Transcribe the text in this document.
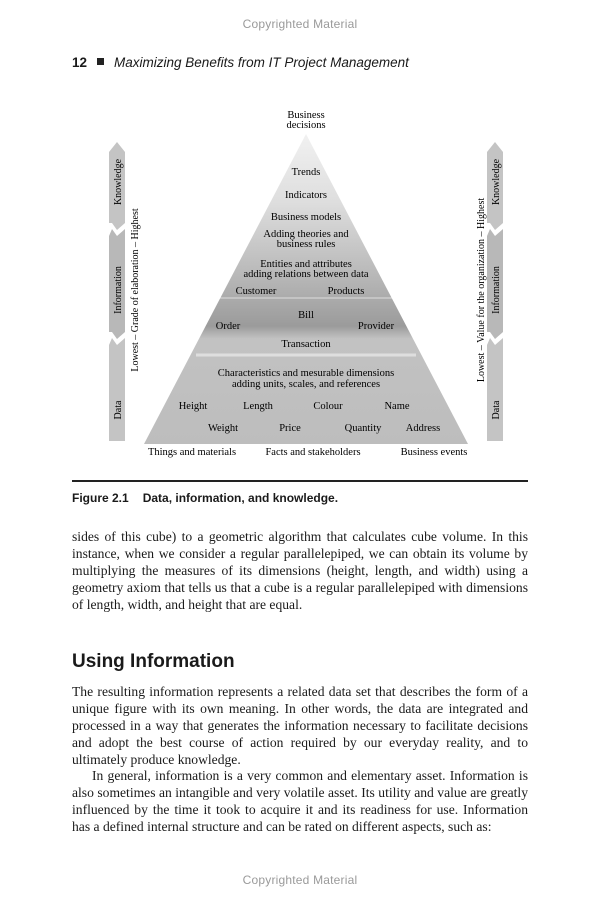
Copyrighted Material
12 Maximizing Benefits from IT Project Management
Business
decisions
Trends
Indicators
Business models
Adding theories and
business rules
Entities and attributes
adding relations between data
Customer	Products
Bill
Order	Provider
Transaction
Characteristics and mesurable dimensions
adding units, scales, and references
Height	Length	Colour	Name
Weight	Price	Quantity Address
Things and materials	Facts and stakeholders	Business events
Data
Information
Knowledge
Lowest – Grade of elaboration – Highest
Data
Information
Knowledge
Lowest – Value for the organization – Highest
Figure 2.1 Data, information, and knowledge.

sides of this cube) to a geometric algorithm that calculates cube volume. In this instance, when we consider a regular parallelepiped, we can obtain its volume by multiplying the measures of its dimensions (height, length, and width) using a geometry axiom that tells us that a cube is a regular parallelepiped with dimensions of length, width, and height that are equal.

Using Information

The resulting information represents a related data set that describes the form of a unique figure with its own meaning. In other words, the data are integrated and processed in a way that generates the information necessary to facilitate decisions and adopt the best course of action required by our everyday reality, and to ultimately produce knowledge.

In general, information is a very common and elementary asset. Information is also sometimes an intangible and very volatile asset. Its utility and value are greatly influenced by the time it took to acquire it and its readiness for use. Information has a defined internal structure and can be rated on different aspects, such as:

Copyrighted Material
